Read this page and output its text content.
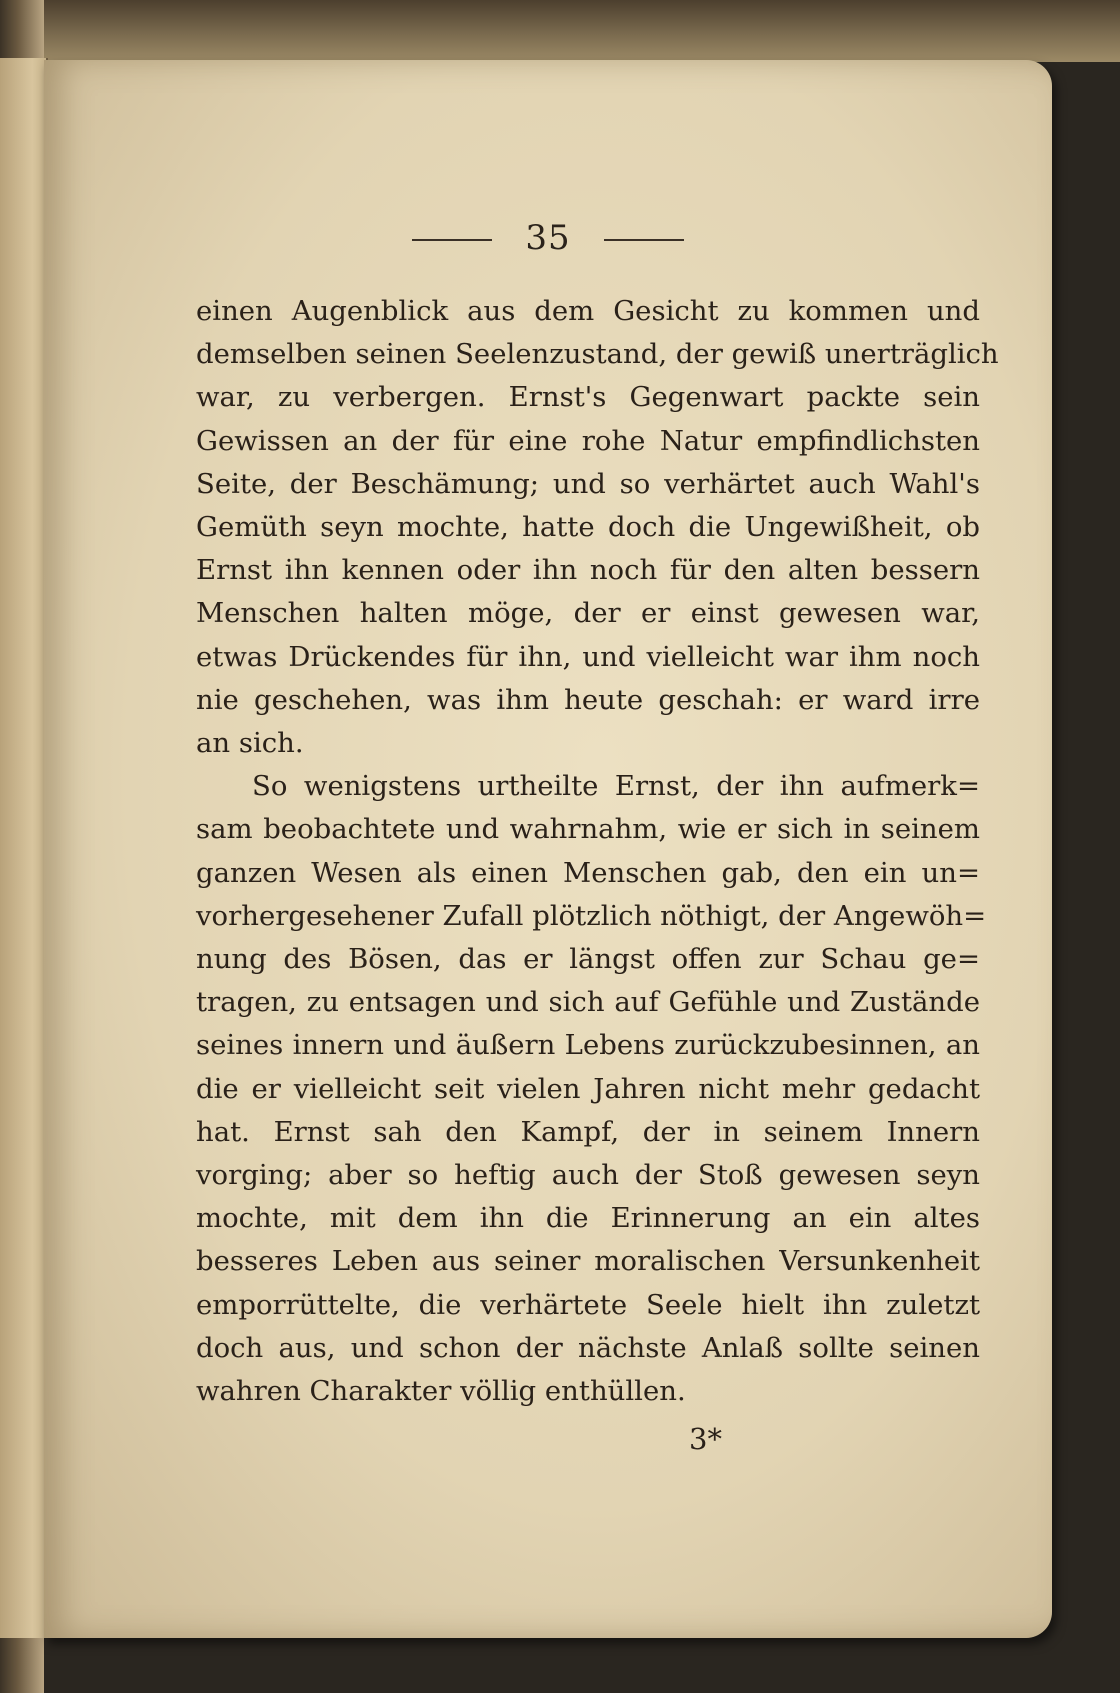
35
einen Augenblick aus dem Gesicht zu kommen und
demselben seinen Seelenzustand, der gewiß unerträglich
war, zu verbergen. Ernst's Gegenwart packte sein
Gewissen an der für eine rohe Natur empfindlichsten
Seite, der Beschämung; und so verhärtet auch Wahl's
Gemüth seyn mochte, hatte doch die Ungewißheit, ob
Ernst ihn kennen oder ihn noch für den alten bessern
Menschen halten möge, der er einst gewesen war,
etwas Drückendes für ihn, und vielleicht war ihm noch
nie geschehen, was ihm heute geschah: er ward irre
an sich.
So wenigstens urtheilte Ernst, der ihn aufmerk=
sam beobachtete und wahrnahm, wie er sich in seinem
ganzen Wesen als einen Menschen gab, den ein un=
vorhergesehener Zufall plötzlich nöthigt, der Angewöh=
nung des Bösen, das er längst offen zur Schau ge=
tragen, zu entsagen und sich auf Gefühle und Zustände
seines innern und äußern Lebens zurückzubesinnen, an
die er vielleicht seit vielen Jahren nicht mehr gedacht
hat. Ernst sah den Kampf, der in seinem Innern
vorging; aber so heftig auch der Stoß gewesen seyn
mochte, mit dem ihn die Erinnerung an ein altes
besseres Leben aus seiner moralischen Versunkenheit
emporrüttelte, die verhärtete Seele hielt ihn zuletzt
doch aus, und schon der nächste Anlaß sollte seinen
wahren Charakter völlig enthüllen.
3*
